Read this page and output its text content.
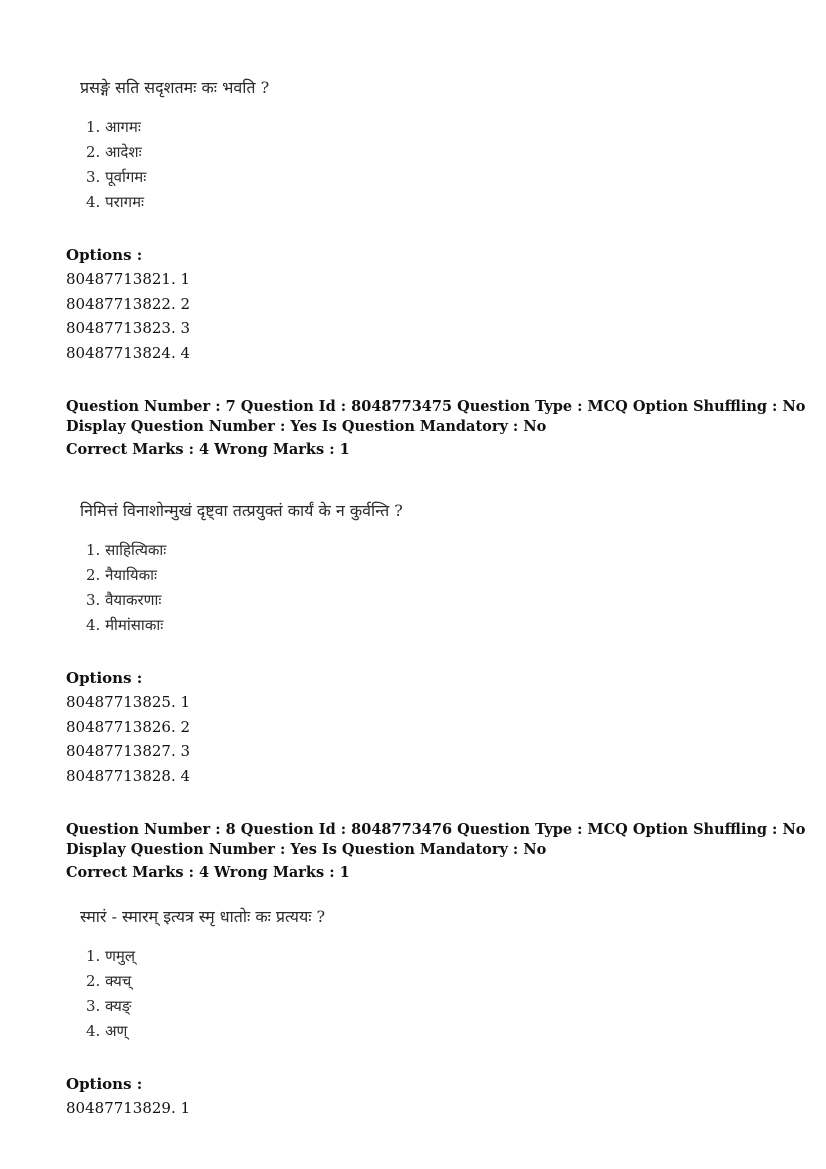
प्रसङ्गे सति सदृशतमः कः भवति ?
1. आगमः
2. आदेशः
3. पूर्वागमः
4. परागमः
Options :
80487713821. 1
80487713822. 2
80487713823. 3
80487713824. 4
Question Number : 7 Question Id : 8048773475 Question Type : MCQ Option Shuffling : No
Display Question Number : Yes Is Question Mandatory : No
Correct Marks : 4 Wrong Marks : 1
निमित्तं विनाशोन्मुखं दृष्ट्वा तत्प्रयुक्तं कार्यं के न कुर्वन्ति ?
1. साहित्यिकाः
2. नैयायिकाः
3. वैयाकरणाः
4. मीमांसाकाः
Options :
80487713825. 1
80487713826. 2
80487713827. 3
80487713828. 4
Question Number : 8 Question Id : 8048773476 Question Type : MCQ Option Shuffling : No
Display Question Number : Yes Is Question Mandatory : No
Correct Marks : 4 Wrong Marks : 1
स्मारं - स्मारम् इत्यत्र स्मृ धातोः कः प्रत्ययः ?
1. णमुल्
2. क्यच्
3. क्यङ्
4. अण्
Options :
80487713829. 1
